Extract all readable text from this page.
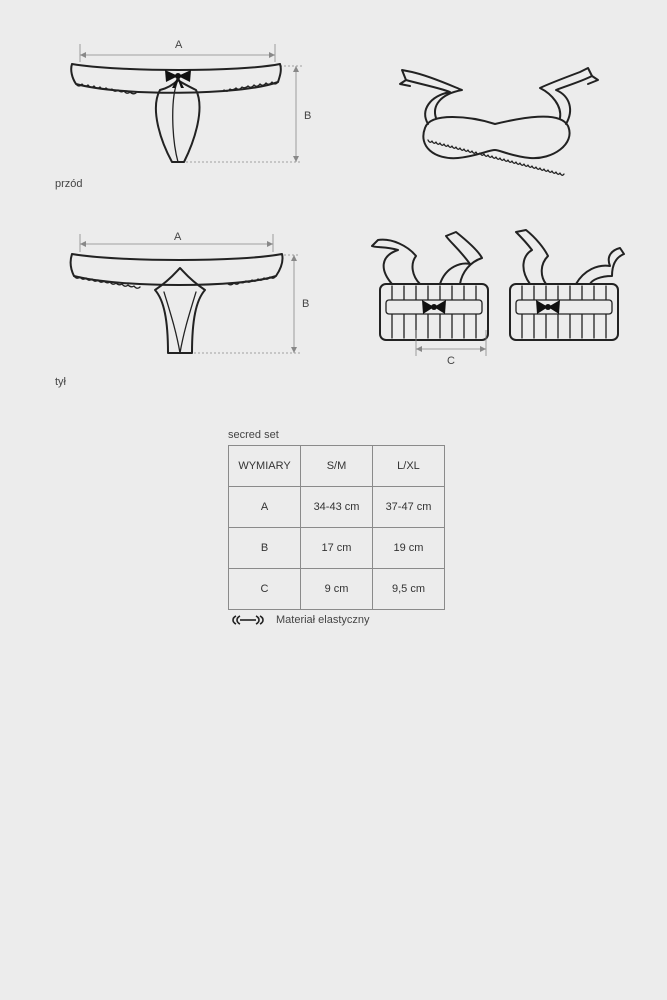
A
B
A
B
C
przód
tył
secred set
WYMIARY	S/M	L/XL
A	34-43 cm	37-47 cm
B	17 cm	19 cm
C	9 cm	9,5 cm
Materiał elastyczny
